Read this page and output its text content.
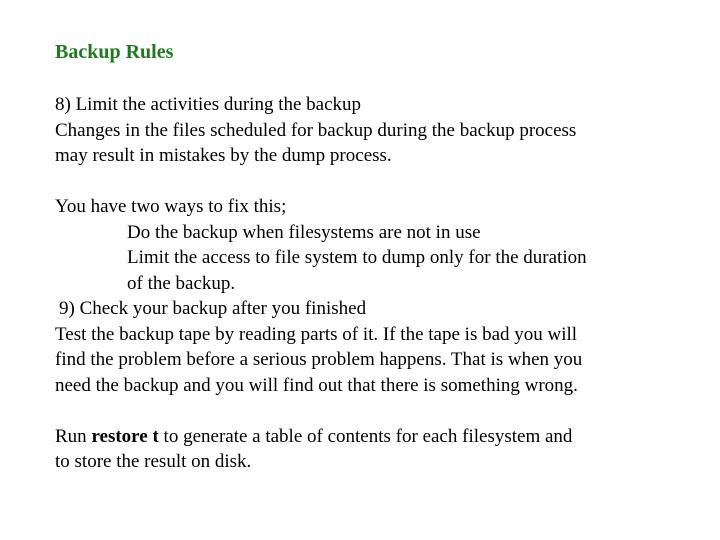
Backup Rules
8) Limit the activities during the backup
Changes in the files scheduled for backup during the backup process
may result in mistakes by the dump process.
You have two ways to fix this;
Do the backup when filesystems are not in use
Limit the access to file system to dump only for the duration
of the backup.
9) Check your backup after you finished
Test the backup tape by reading parts of it. If the tape is bad you will
find the problem before a serious problem happens. That is when you
need the backup and you will find out that there is something wrong.
Run restore t to generate a table of contents for each filesystem and
to store the result on disk.
